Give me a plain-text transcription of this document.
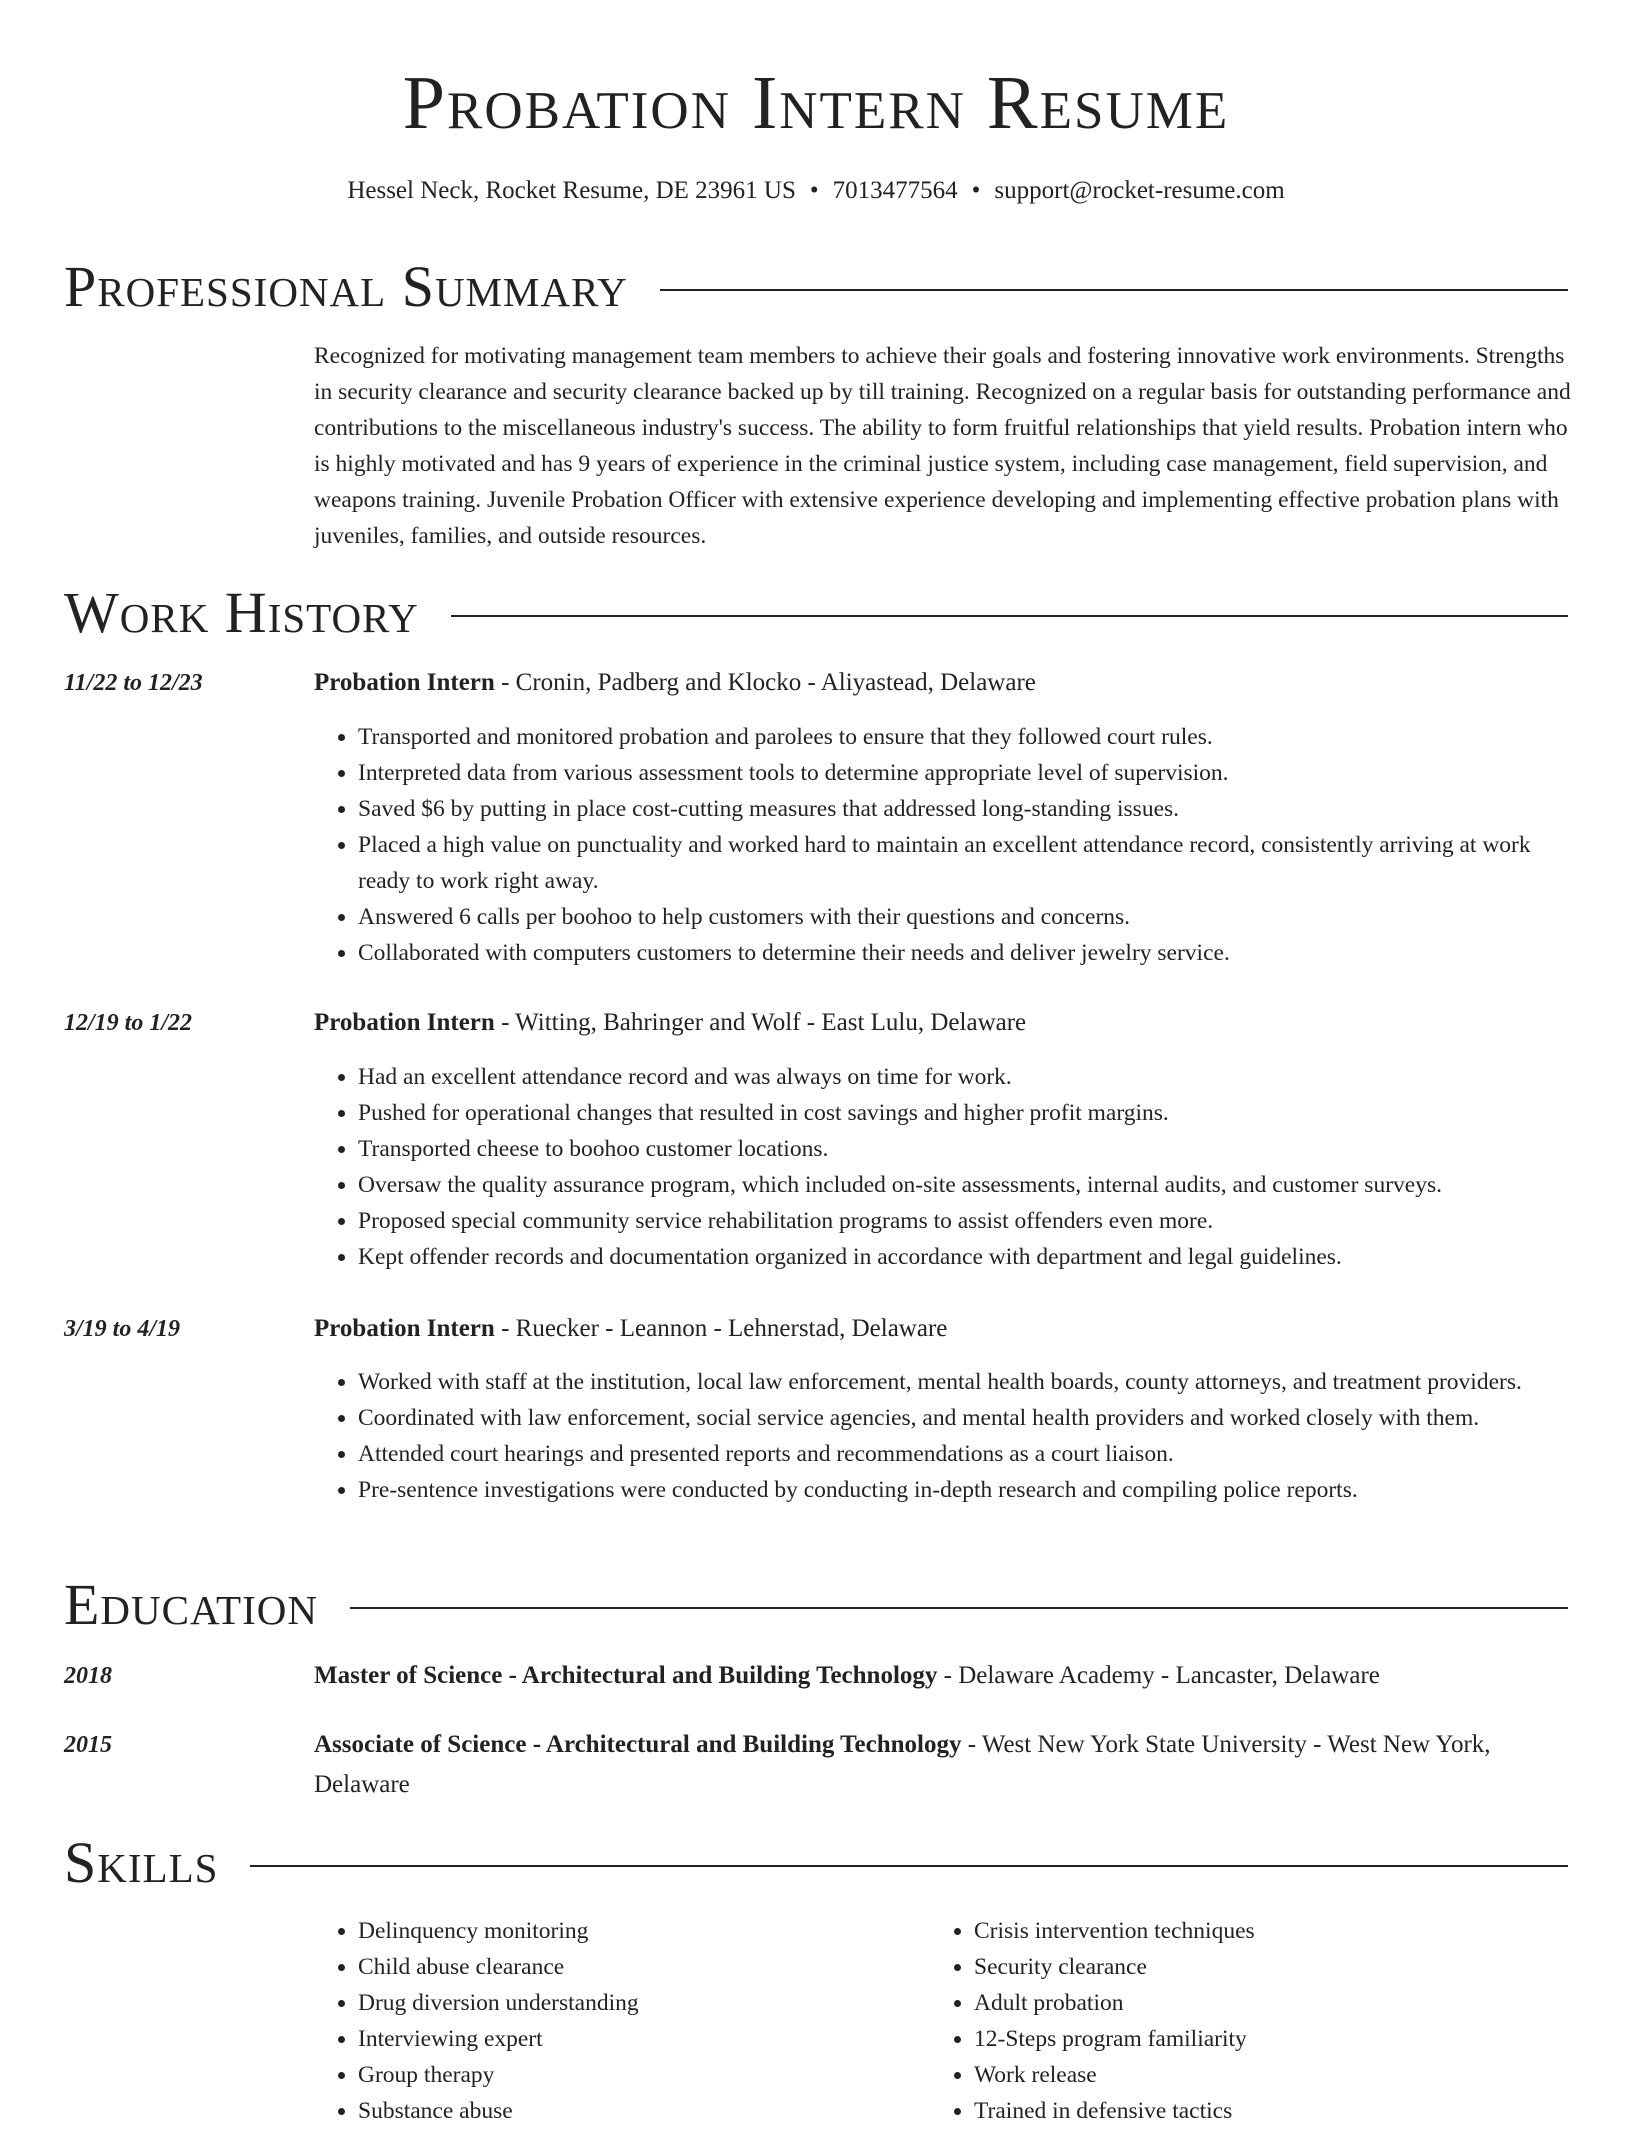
Probation Intern Resume
Hessel Neck, Rocket Resume, DE 23961 US • 7013477564 • support@rocket-resume.com
Professional Summary
Recognized for motivating management team members to achieve their goals and fostering innovative work environments. Strengths in security clearance and security clearance backed up by till training. Recognized on a regular basis for outstanding performance and contributions to the miscellaneous industry's success. The ability to form fruitful relationships that yield results. Probation intern who is highly motivated and has 9 years of experience in the criminal justice system, including case management, field supervision, and weapons training. Juvenile Probation Officer with extensive experience developing and implementing effective probation plans with juveniles, families, and outside resources.
Work History
11/22 to 12/23	Probation Intern - Cronin, Padberg and Klocko - Aliyastead, Delaware
• Transported and monitored probation and parolees to ensure that they followed court rules.
• Interpreted data from various assessment tools to determine appropriate level of supervision.
• Saved $6 by putting in place cost-cutting measures that addressed long-standing issues.
• Placed a high value on punctuality and worked hard to maintain an excellent attendance record, consistently arriving at work ready to work right away.
• Answered 6 calls per boohoo to help customers with their questions and concerns.
• Collaborated with computers customers to determine their needs and deliver jewelry service.
12/19 to 1/22	Probation Intern - Witting, Bahringer and Wolf - East Lulu, Delaware
• Had an excellent attendance record and was always on time for work.
• Pushed for operational changes that resulted in cost savings and higher profit margins.
• Transported cheese to boohoo customer locations.
• Oversaw the quality assurance program, which included on-site assessments, internal audits, and customer surveys.
• Proposed special community service rehabilitation programs to assist offenders even more.
• Kept offender records and documentation organized in accordance with department and legal guidelines.
3/19 to 4/19	Probation Intern - Ruecker - Leannon - Lehnerstad, Delaware
• Worked with staff at the institution, local law enforcement, mental health boards, county attorneys, and treatment providers.
• Coordinated with law enforcement, social service agencies, and mental health providers and worked closely with them.
• Attended court hearings and presented reports and recommendations as a court liaison.
• Pre-sentence investigations were conducted by conducting in-depth research and compiling police reports.
Education
2018	Master of Science - Architectural and Building Technology - Delaware Academy - Lancaster, Delaware
2015	Associate of Science - Architectural and Building Technology - West New York State University - West New York, Delaware
Skills
• Delinquency monitoring
• Child abuse clearance
• Drug diversion understanding
• Interviewing expert
• Group therapy
• Substance abuse
• Crisis intervention techniques
• Security clearance
• Adult probation
• 12-Steps program familiarity
• Work release
• Trained in defensive tactics
